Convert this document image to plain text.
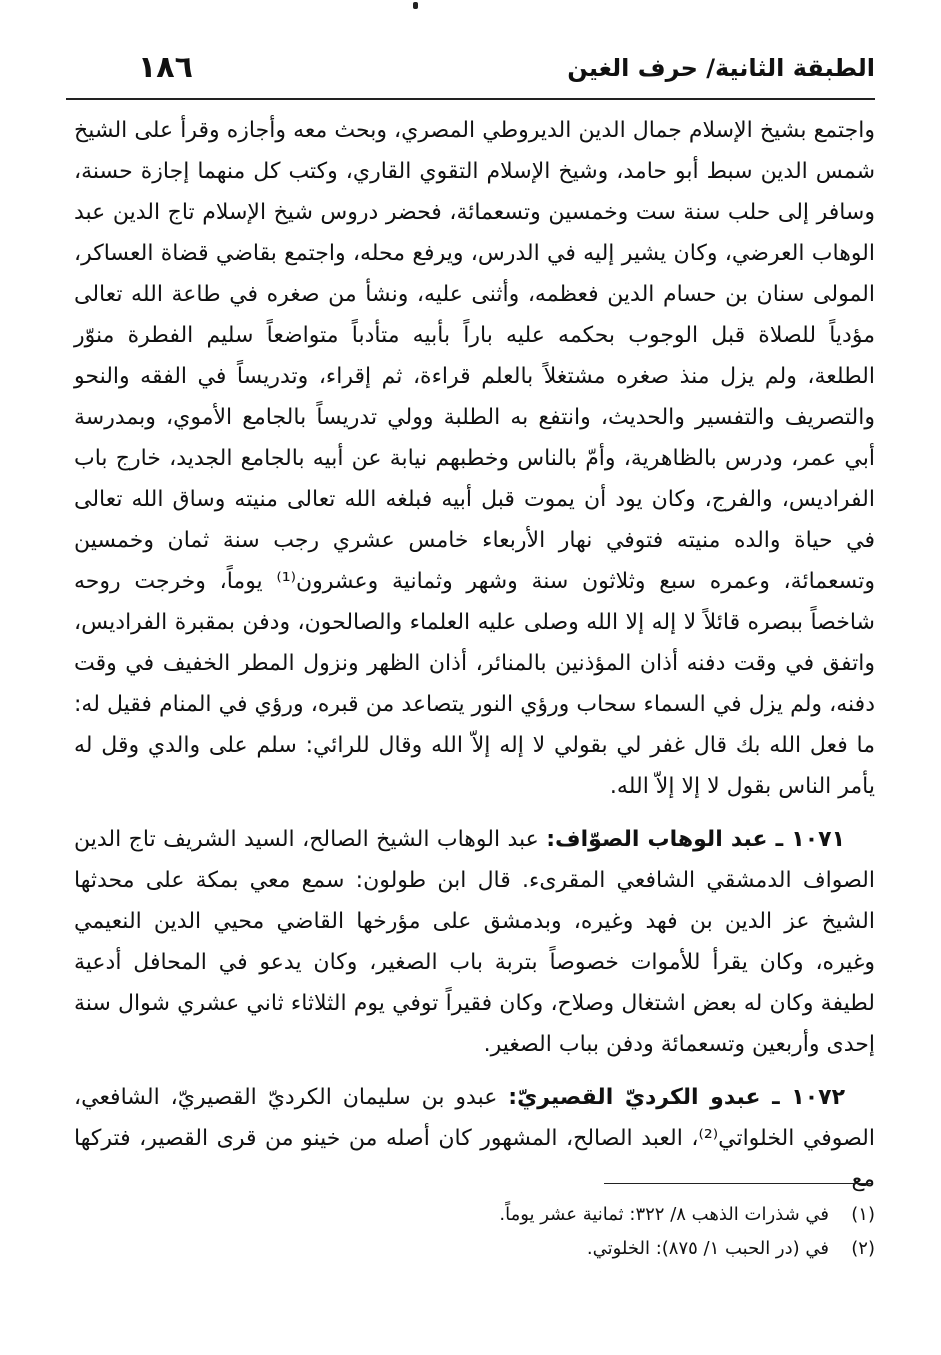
١٨٦	الطبقة الثانية/ حرف الغين

واجتمع بشيخ الإسلام جمال الدين الديروطي المصري، وبحث معه وأجازه وقرأ على الشيخ شمس الدين سبط أبو حامد، وشيخ الإسلام التقوي القاري، وكتب كل منهما إجازة حسنة، وسافر إلى حلب سنة ست وخمسين وتسعمائة، فحضر دروس شيخ الإسلام تاج الدين عبد الوهاب العرضي، وكان يشير إليه في الدرس، ويرفع محله، واجتمع بقاضي قضاة العساكر، المولى سنان بن حسام الدين فعظمه، وأثنى عليه، ونشأ من صغره في طاعة الله تعالى مؤدياً للصلاة قبل الوجوب بحكمه عليه باراً بأبيه متأدباً متواضعاً سليم الفطرة منوّر الطلعة، ولم يزل منذ صغره مشتغلاً بالعلم قراءة، ثم إقراء، وتدريساً في الفقه والنحو والتصريف والتفسير والحديث، وانتفع به الطلبة وولي تدريساً بالجامع الأموي، وبمدرسة أبي عمر، ودرس بالظاهرية، وأمّ بالناس وخطبهم نيابة عن أبيه بالجامع الجديد، خارج باب الفراديس، والفرج، وكان يود أن يموت قبل أبيه فبلغه الله تعالى منيته وساق الله تعالى في حياة والده منيته فتوفي نهار الأربعاء خامس عشري رجب سنة ثمان وخمسين وتسعمائة، وعمره سبع وثلاثون سنة وشهر وثمانية وعشرون⁽¹⁾ يوماً، وخرجت روحه شاخصاً ببصره قائلاً لا إله إلا الله وصلى عليه العلماء والصالحون، ودفن بمقبرة الفراديس، واتفق في وقت دفنه أذان المؤذنين بالمنائر، أذان الظهر ونزول المطر الخفيف في وقت دفنه، ولم يزل في السماء سحاب ورؤي النور يتصاعد من قبره، ورؤي في المنام فقيل له: ما فعل الله بك قال غفر لي بقولي لا إله إلاّ الله وقال للرائي: سلم على والدي وقل له يأمر الناس بقول لا إلا إلاّ الله.

١٠٧١ ـ عبد الوهاب الصوّاف: عبد الوهاب الشيخ الصالح، السيد الشريف تاج الدين الصواف الدمشقي الشافعي المقرىء. قال ابن طولون: سمع معي بمكة على محدثها الشيخ عز الدين بن فهد وغيره، وبدمشق على مؤرخها القاضي محيي الدين النعيمي وغيره، وكان يقرأ للأموات خصوصاً بتربة باب الصغير، وكان يدعو في المحافل أدعية لطيفة وكان له بعض اشتغال وصلاح، وكان فقيراً توفي يوم الثلاثاء ثاني عشري شوال سنة إحدى وأربعين وتسعمائة ودفن بباب الصغير.

١٠٧٢ ـ عبدو الكرديّ القصيريّ: عبدو بن سليمان الكرديّ القصيريّ، الشافعي، الصوفي الخلواتي⁽²⁾، العبد الصالح، المشهور كان أصله من خينو من قرى القصير، فتركها مع

(١)في شذرات الذهب ٨/ ٣٢٢: ثمانية عشر يوماً.

(٢)في (در الحبب ١/ ٨٧٥): الخلوتي.
